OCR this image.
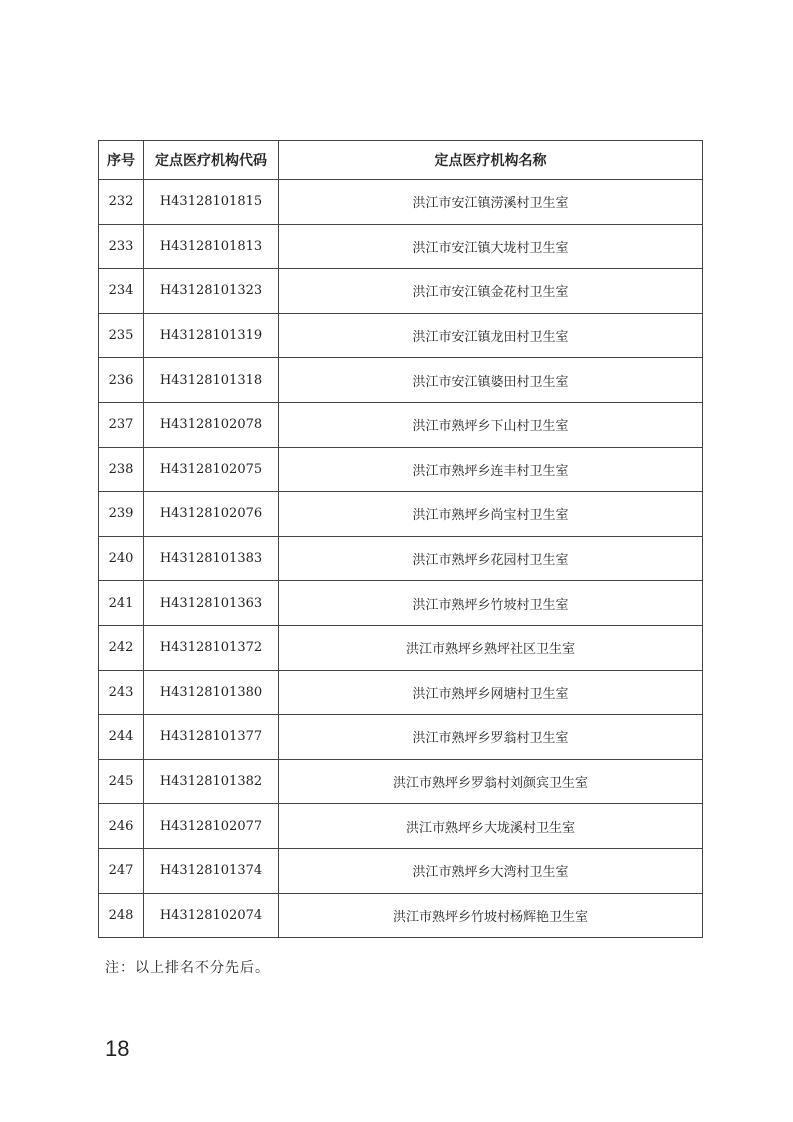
序号	定点医疗机构代码	定点医疗机构名称
232	H43128101815	洪江市安江镇涝溪村卫生室
233	H43128101813	洪江市安江镇大垅村卫生室
234	H43128101323	洪江市安江镇金花村卫生室
235	H43128101319	洪江市安江镇龙田村卫生室
236	H43128101318	洪江市安江镇婆田村卫生室
237	H43128102078	洪江市熟坪乡下山村卫生室
238	H43128102075	洪江市熟坪乡连丰村卫生室
239	H43128102076	洪江市熟坪乡尚宝村卫生室
240	H43128101383	洪江市熟坪乡花园村卫生室
241	H43128101363	洪江市熟坪乡竹坡村卫生室
242	H43128101372	洪江市熟坪乡熟坪社区卫生室
243	H43128101380	洪江市熟坪乡网塘村卫生室
244	H43128101377	洪江市熟坪乡罗翁村卫生室
245	H43128101382	洪江市熟坪乡罗翁村刘颜宾卫生室
246	H43128102077	洪江市熟坪乡大垅溪村卫生室
247	H43128101374	洪江市熟坪乡大湾村卫生室
248	H43128102074	洪江市熟坪乡竹坡村杨辉艳卫生室
注：以上排名不分先后。
18
